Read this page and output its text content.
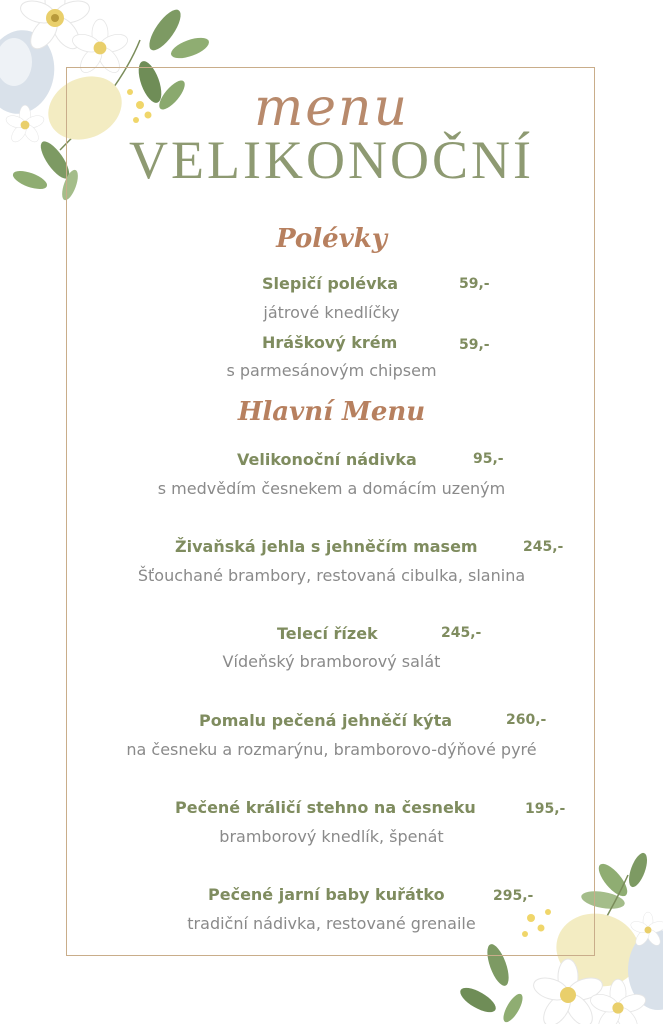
menu
VELIKONOČNÍ
Polévky
Slepičí polévka	59,-
játrové knedlíčky
Hráškový krém	59,-
s parmesánovým chipsem
Hlavní Menu
Velikonoční nádivka	95,-
s medvědím česnekem a domácím uzeným
Živaňská jehla s jehněčím masem	245,-
Šťouchané brambory, restovaná cibulka, slanina
Telecí řízek	245,-
Vídeňský bramborový salát
Pomalu pečená jehněčí kýta	260,-
na česneku a rozmarýnu, bramborovo-dýňové pyré
Pečené králičí stehno na česneku	195,-
bramborový knedlík, špenát
Pečené jarní baby kuřátko	295,-
tradiční nádivka, restované grenaile
